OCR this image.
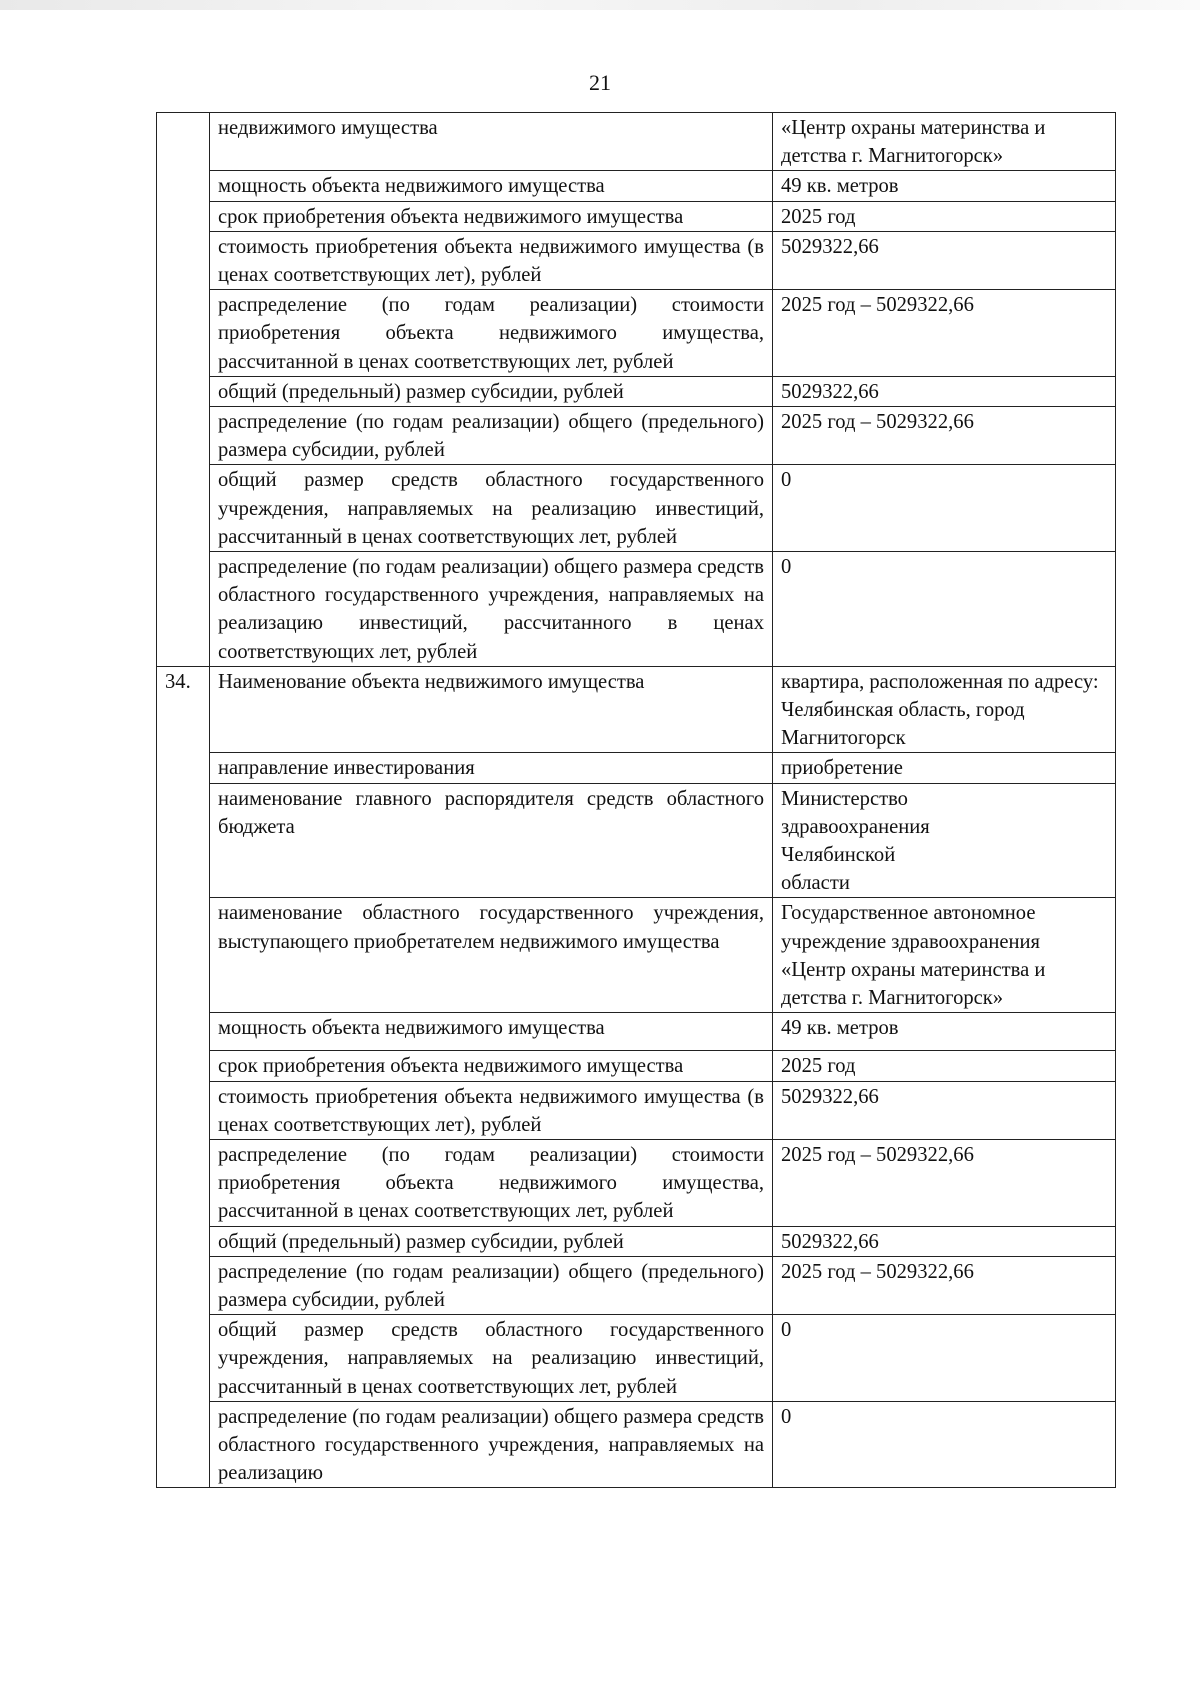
21
	недвижимого имущества	«Центр охраны материнства и детства г. Магнитогорск»
	мощность объекта недвижимого имущества	49 кв. метров
	срок приобретения объекта недвижимого имущества	2025 год
	стоимость приобретения объекта недвижимого имущества (в ценах соответствующих лет), рублей	5029322,66
	распределение (по годам реализации) стоимости приобретения объекта недвижимого имущества, рассчитанной в ценах соответствующих лет, рублей	2025 год – 5029322,66
	общий (предельный) размер субсидии, рублей	5029322,66
	распределение (по годам реализации) общего (предельного) размера субсидии, рублей	2025 год – 5029322,66
	общий размер средств областного государственного учреждения, направляемых на реализацию инвестиций, рассчитанный в ценах соответствующих лет, рублей	0
	распределение (по годам реализации) общего размера средств областного государственного учреждения, направляемых на реализацию инвестиций, рассчитанного в ценах соответствующих лет, рублей	0
34.	Наименование объекта недвижимого имущества	квартира, расположенная по адресу: Челябинская область, город Магнитогорск
	направление инвестирования	приобретение
	наименование главного распорядителя средств областного бюджета	Министерство здравоохранения Челябинской области

	наименование областного государственного учреждения, выступающего приобретателем недвижимого имущества	Государственное автономное учреждение здравоохранения «Центр охраны материнства и детства г. Магнитогорск»
	мощность объекта недвижимого имущества	49 кв. метров
	срок приобретения объекта недвижимого имущества	2025 год
	стоимость приобретения объекта недвижимого имущества (в ценах соответствующих лет), рублей	5029322,66
	распределение (по годам реализации) стоимости приобретения объекта недвижимого имущества, рассчитанной в ценах соответствующих лет, рублей	2025 год – 5029322,66
	общий (предельный) размер субсидии, рублей	5029322,66
	распределение (по годам реализации) общего (предельного) размера субсидии, рублей	2025 год – 5029322,66
	общий размер средств областного государственного учреждения, направляемых на реализацию инвестиций, рассчитанный в ценах соответствующих лет, рублей	0
	распределение (по годам реализации) общего размера средств областного государственного учреждения, направляемых на реализацию	0
